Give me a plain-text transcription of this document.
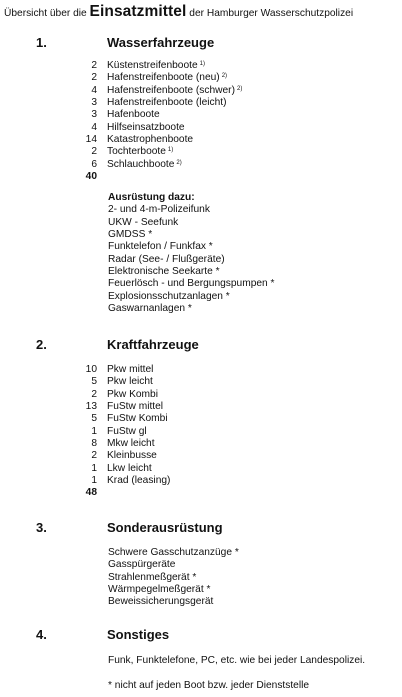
Übersicht über die Einsatzmittel der Hamburger Wasserschutzpolizei
1.	Wasserfahrzeuge
2 Küstenstreifenboote $^{1)}$
2 Hafenstreifenboote (neu) $^{2)}$
4 Hafenstreifenboote (schwer) $^{2)}$
3 Hafenstreifenboote (leicht)
3 Hafenboote
4 Hilfseinsatzboote
14 Katastrophenboote
2 Tochterboote $^{1)}$
6 Schlauchboote $^{2)}$
40
Ausrüstung dazu:
2- und 4-m-Polizeifunk
UKW - Seefunk
GMDSS *
Funktelefon / Funkfax *
Radar (See- / Flußgeräte)
Elektronische Seekarte *
Feuerlösch - und Bergungspumpen *
Explosionsschutzanlagen *
Gaswarnanlagen *
2.	Kraftfahrzeuge
10 Pkw mittel
5 Pkw leicht
2 Pkw Kombi
13 FuStw mittel
5 FuStw Kombi
1 FuStw gl
8 Mkw leicht
2 Kleinbusse
1 Lkw leicht
1 Krad (leasing)
48
3.	Sonderausrüstung
Schwere Gasschutzanzüge *
Gasspürgeräte
Strahlenmeßgerät *
Wärmpegelmeßgerät *
Beweissicherungsgerät
4.	Sonstiges
Funk, Funktelefone, PC, etc. wie bei jeder Landespolizei.
* nicht auf jeden Boot bzw. jeder Dienststelle
